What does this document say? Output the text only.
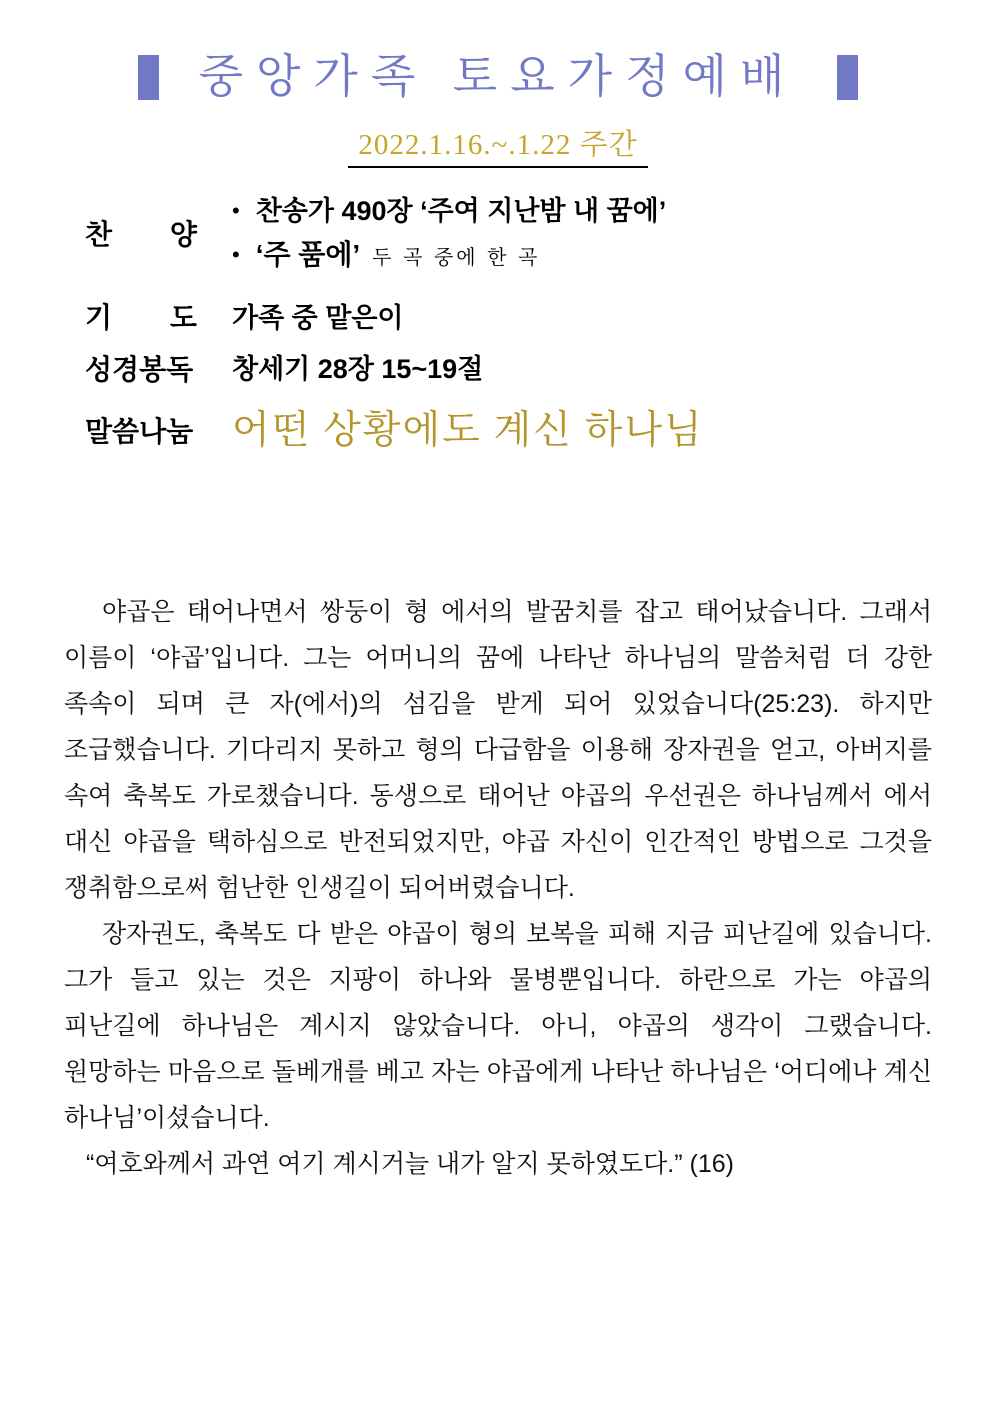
중앙가족 토요가정예배
2022.1.16.~.1.22 주간
찬 양
• 찬송가 490장 ‘주여 지난밤 내 꿈에’
• ‘주 품에’ 두 곡 중에 한 곡
기 도 가족 중 맡은이
성경봉독 창세기 28장 15~19절
말씀나눔 어떤 상황에도 계신 하나님

야곱은 태어나면서 쌍둥이 형 에서의 발꿈치를 잡고 태어났습니다. 그래서 이름이 ‘야곱’입니다. 그는 어머니의 꿈에 나타난 하나님의 말씀처럼 더 강한 족속이 되며 큰 자(에서)의 섬김을 받게 되어 있었습니다(25:23). 하지만 조급했습니다. 기다리지 못하고 형의 다급함을 이용해 장자권을 얻고, 아버지를 속여 축복도 가로챘습니다. 동생으로 태어난 야곱의 우선권은 하나님께서 에서 대신 야곱을 택하심으로 반전되었지만, 야곱 자신이 인간적인 방법으로 그것을 쟁취함으로써 험난한 인생길이 되어버렸습니다.

장자권도, 축복도 다 받은 야곱이 형의 보복을 피해 지금 피난길에 있습니다. 그가 들고 있는 것은 지팡이 하나와 물병뿐입니다. 하란으로 가는 야곱의 피난길에 하나님은 계시지 않았습니다. 아니, 야곱의 생각이 그랬습니다. 원망하는 마음으로 돌베개를 베고 자는 야곱에게 나타난 하나님은 ‘어디에나 계신 하나님’이셨습니다.

“여호와께서 과연 여기 계시거늘 내가 알지 못하였도다.” (16)
